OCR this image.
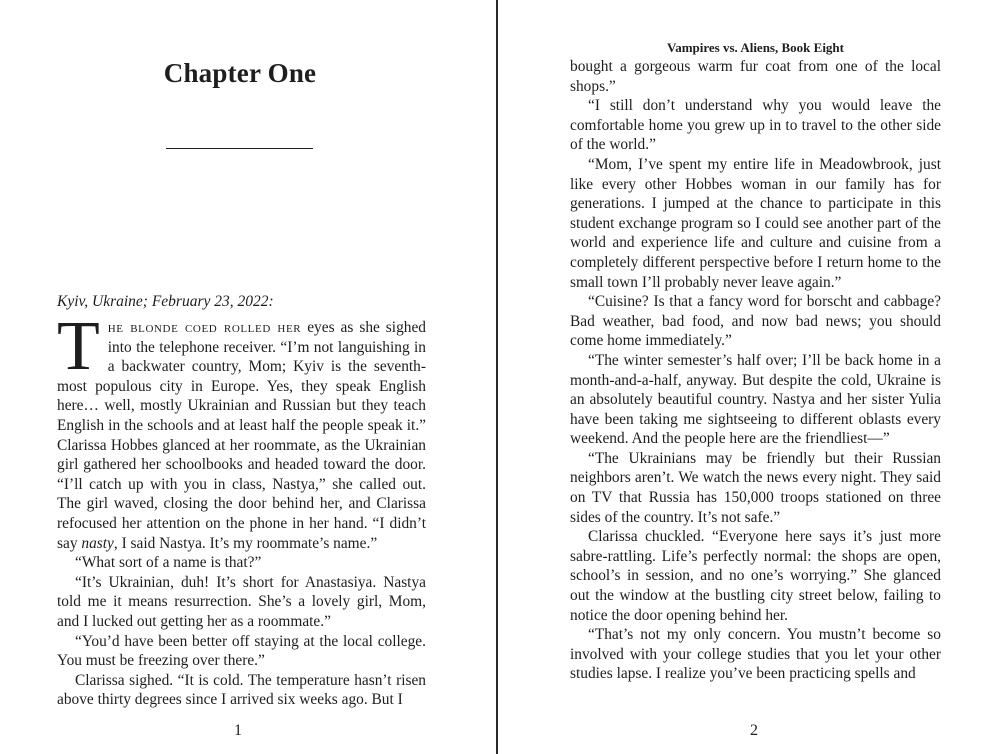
Chapter One
Kyiv, Ukraine; February 23, 2022:

The blonde coed rolled her eyes as she sighed into the telephone receiver. “I’m not languishing in a backwater country, Mom; Kyiv is the seventh-most populous city in Europe. Yes, they speak English here… well, mostly Ukrainian and Russian but they teach English in the schools and at least half the people speak it.” Clarissa Hobbes glanced at her roommate, as the Ukrainian girl gathered her schoolbooks and headed toward the door. “I’ll catch up with you in class, Nastya,” she called out. The girl waved, closing the door behind her, and Clarissa refocused her attention on the phone in her hand. “I didn’t say nasty, I said Nastya. It’s my roommate’s name.”

“What sort of a name is that?”

“It’s Ukrainian, duh! It’s short for Anastasiya. Nastya told me it means resurrection. She’s a lovely girl, Mom, and I lucked out getting her as a roommate.”

“You’d have been better off staying at the local college. You must be freezing over there.”

Clarissa sighed. “It is cold. The temperature hasn’t risen above thirty degrees since I arrived six weeks ago. But I

1
Vampires vs. Aliens, Book Eight

bought a gorgeous warm fur coat from one of the local shops.”

“I still don’t understand why you would leave the comfortable home you grew up in to travel to the other side of the world.”

“Mom, I’ve spent my entire life in Meadowbrook, just like every other Hobbes woman in our family has for generations. I jumped at the chance to participate in this student exchange program so I could see another part of the world and experience life and culture and cuisine from a completely different perspective before I return home to the small town I’ll probably never leave again.”

“Cuisine? Is that a fancy word for borscht and cabbage? Bad weather, bad food, and now bad news; you should come home immediately.”

“The winter semester’s half over; I’ll be back home in a month-and-a-half, anyway. But despite the cold, Ukraine is an absolutely beautiful country. Nastya and her sister Yulia have been taking me sightseeing to different oblasts every weekend. And the people here are the friendliest—”

“The Ukrainians may be friendly but their Russian neighbors aren’t. We watch the news every night. They said on TV that Russia has 150,000 troops stationed on three sides of the country. It’s not safe.”

Clarissa chuckled. “Everyone here says it’s just more sabre-rattling. Life’s perfectly normal: the shops are open, school’s in session, and no one’s worrying.” She glanced out the window at the bustling city street below, failing to notice the door opening behind her.

“That’s not my only concern. You mustn’t become so involved with your college studies that you let your other studies lapse. I realize you’ve been practicing spells and

2
